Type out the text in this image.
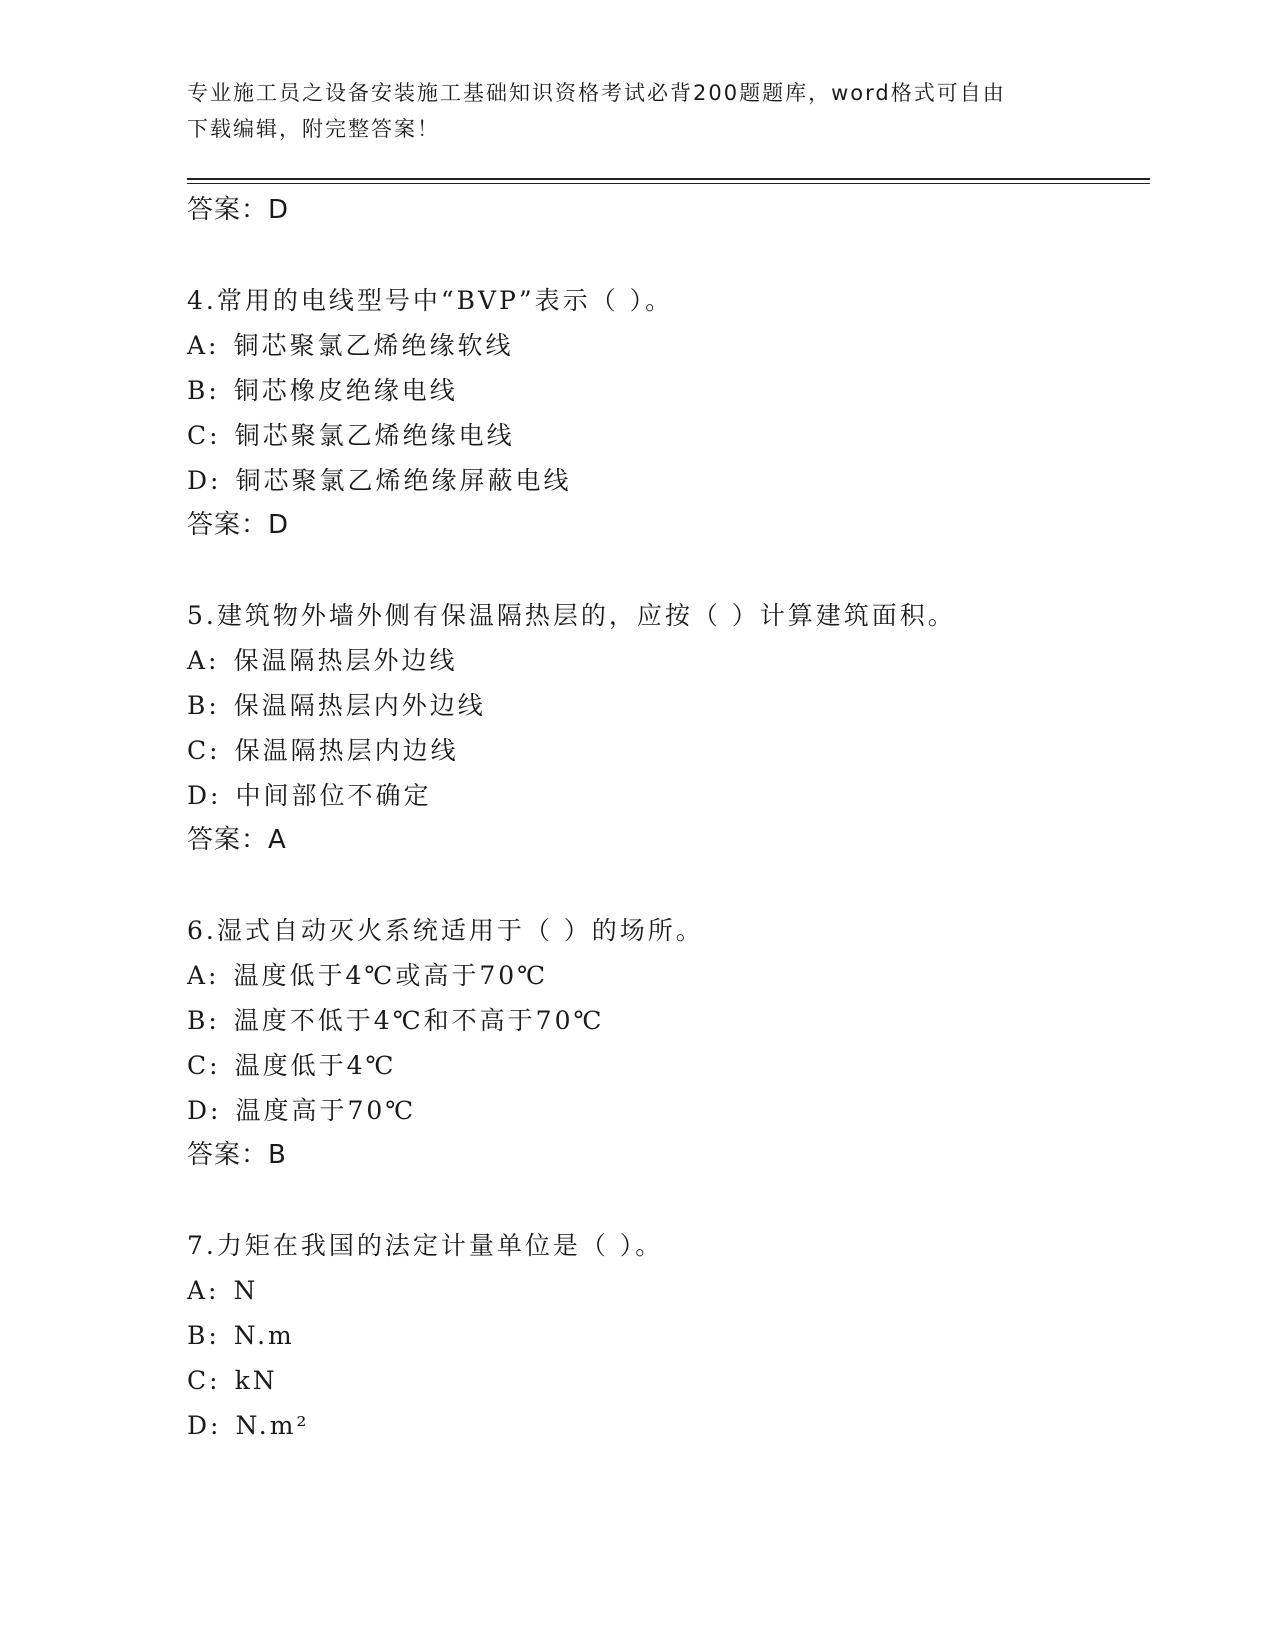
专业施工员之设备安装施工基础知识资格考试必背200题题库，word格式可自由
下载编辑，附完整答案！
答案：D
4.常用的电线型号中“BVP”表示（ ）。
A: 铜芯聚氯乙烯绝缘软线
B: 铜芯橡皮绝缘电线
C: 铜芯聚氯乙烯绝缘电线
D: 铜芯聚氯乙烯绝缘屏蔽电线
答案：D
5.建筑物外墙外侧有保温隔热层的，应按（ ）计算建筑面积。
A: 保温隔热层外边线
B: 保温隔热层内外边线
C: 保温隔热层内边线
D: 中间部位不确定
答案：A
6.湿式自动灭火系统适用于（ ）的场所。
A: 温度低于4℃或高于70℃
B: 温度不低于4℃和不高于70℃
C: 温度低于4℃
D: 温度高于70℃
答案：B
7.力矩在我国的法定计量单位是（ ）。
A: N
B: N.m
C: kN
D: N.m²
